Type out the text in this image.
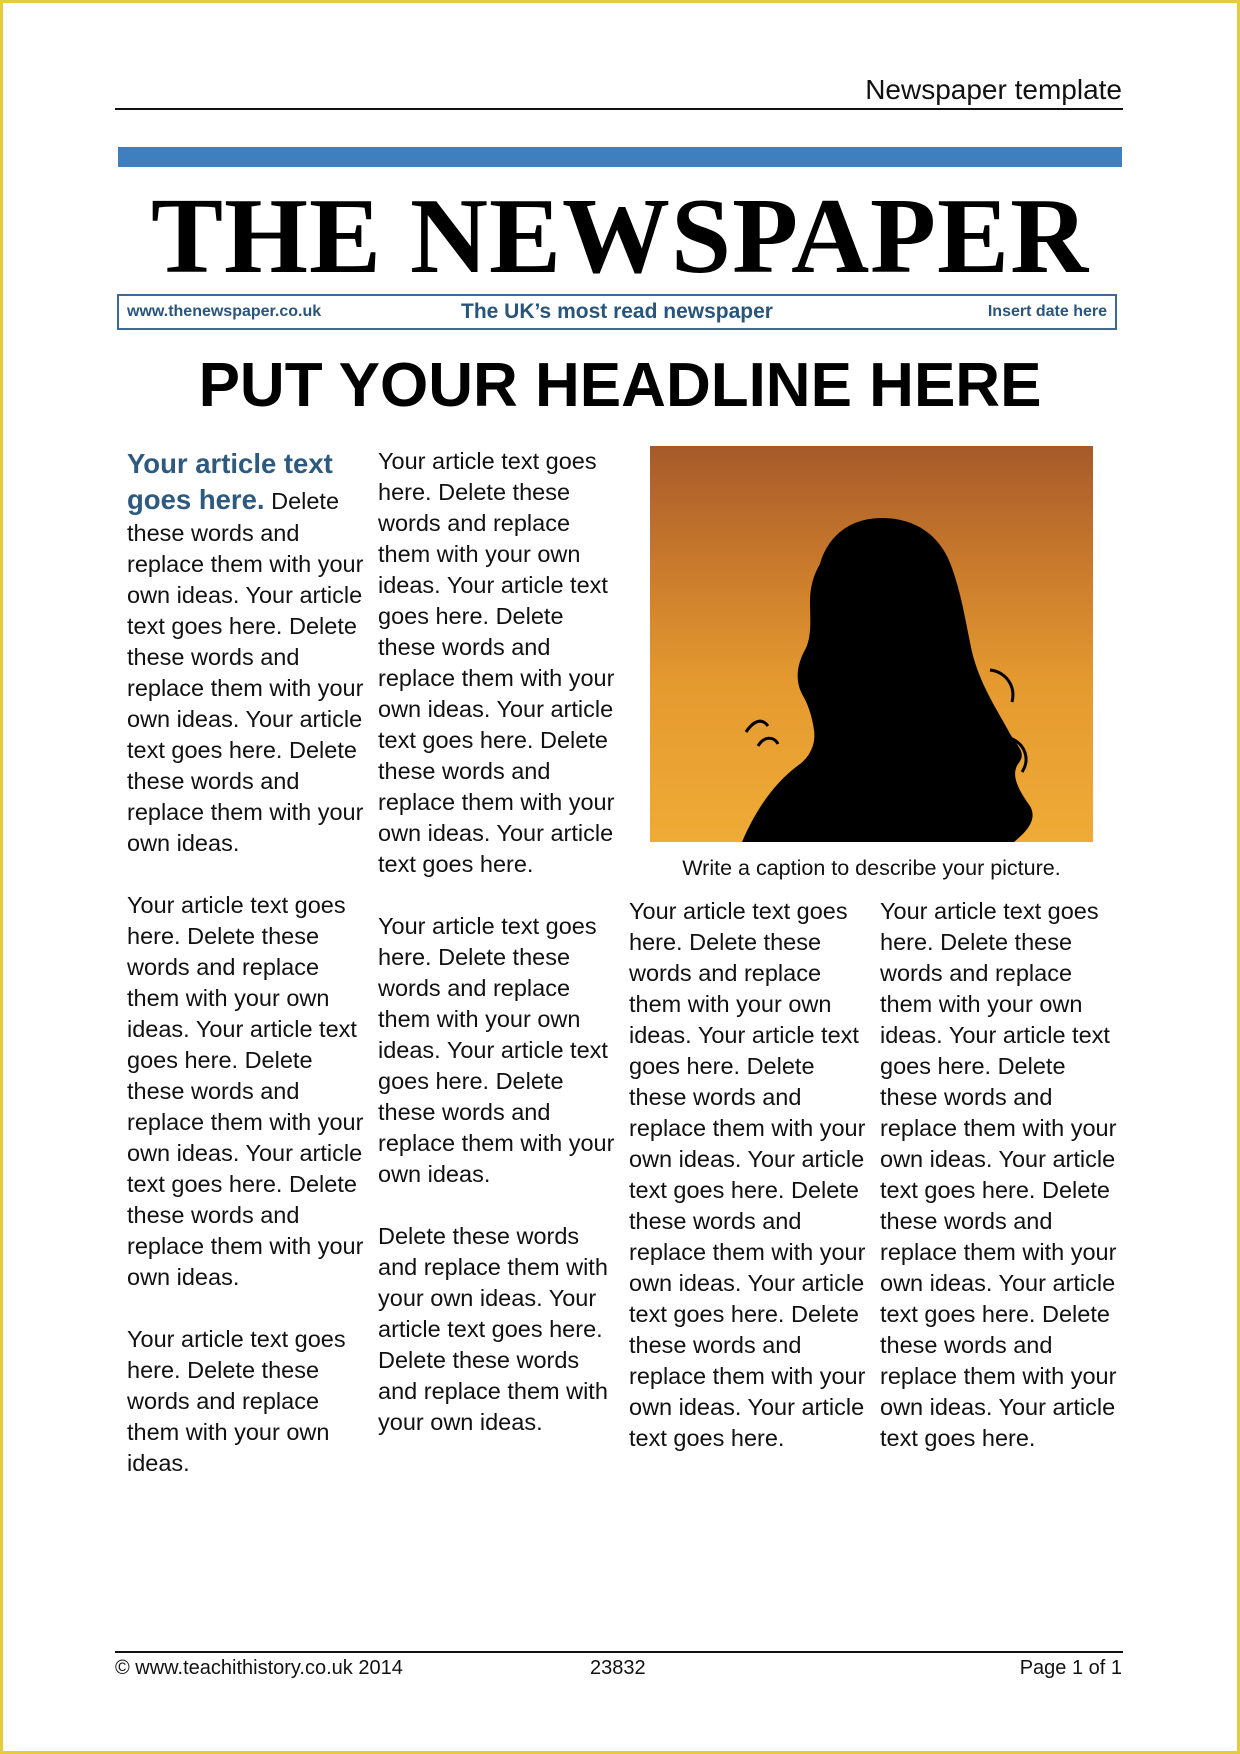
Newspaper template
THE NEWSPAPER
www.thenewspaper.co.uk	The UK’s most read newspaper	Insert date here
PUT YOUR HEADLINE HERE

Your article text goes here. Delete these words and replace them with your own ideas. Your article text goes here. Delete these words and replace them with your own ideas. Your article text goes here. Delete these words and replace them with your own ideas.

Your article text goes here. Delete these words and replace them with your own ideas. Your article text goes here. Delete these words and replace them with your own ideas. Your article text goes here. Delete these words and replace them with your own ideas.

Your article text goes here. Delete these words and replace them with your own ideas.

Your article text goes here. Delete these words and replace them with your own ideas. Your article text goes here. Delete these words and replace them with your own ideas. Your article text goes here. Delete these words and replace them with your own ideas. Your article text goes here.

Your article text goes here. Delete these words and replace them with your own ideas. Your article text goes here. Delete these words and replace them with your own ideas.

Delete these words and replace them with your own ideas. Your article text goes here. Delete these words and replace them with your own ideas.

Write a caption to describe your picture.

Your article text goes here. Delete these words and replace them with your own ideas. Your article text goes here. Delete these words and replace them with your own ideas. Your article text goes here. Delete these words and replace them with your own ideas. Your article text goes here. Delete these words and replace them with your own ideas. Your article text goes here.

Your article text goes here. Delete these words and replace them with your own ideas. Your article text goes here. Delete these words and replace them with your own ideas. Your article text goes here. Delete these words and replace them with your own ideas. Your article text goes here. Delete these words and replace them with your own ideas. Your article text goes here.

© www.teachithistory.co.uk 2014	23832	Page 1 of 1
